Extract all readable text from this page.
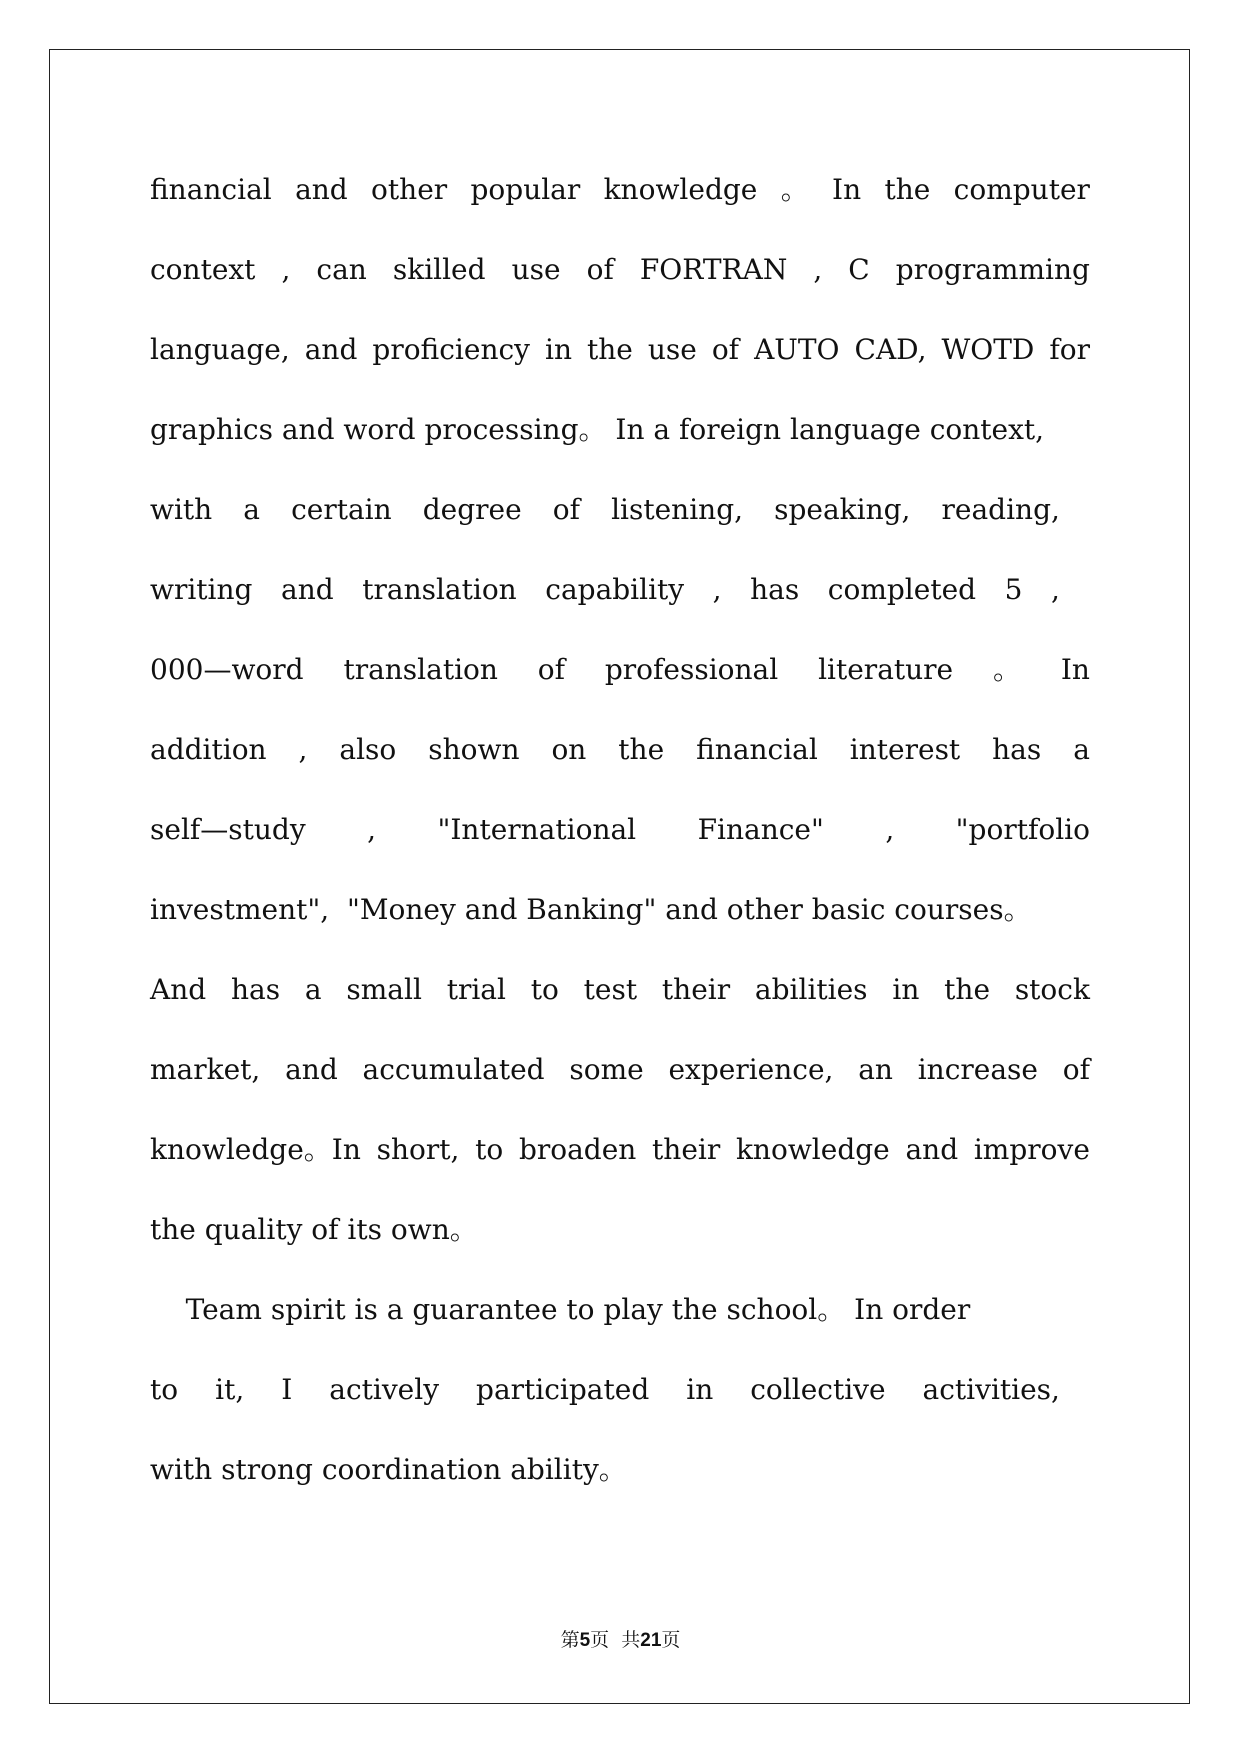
financial and other popular knowledge 。 In the computer
context , can skilled use of FORTRAN , C programming
language, and proficiency in the use of AUTO CAD, WOTD for
graphics and word processing。 In a foreign language context,
with a certain degree of listening, speaking, reading,
writing and translation capability , has completed 5 ,
000—word translation of professional literature 。 In
addition , also shown on the financial interest has a
self—study , "International Finance" , "portfolio
investment",  "Money and Banking" and other basic courses。
And has a small trial to test their abilities in the stock
market, and accumulated some experience, an increase of
knowledge。In short, to broaden their knowledge and improve
the quality of its own。
Team spirit is a guarantee to play the school。 In order
to it, I actively participated in collective activities,
with strong coordination ability。
第5页  共21页
